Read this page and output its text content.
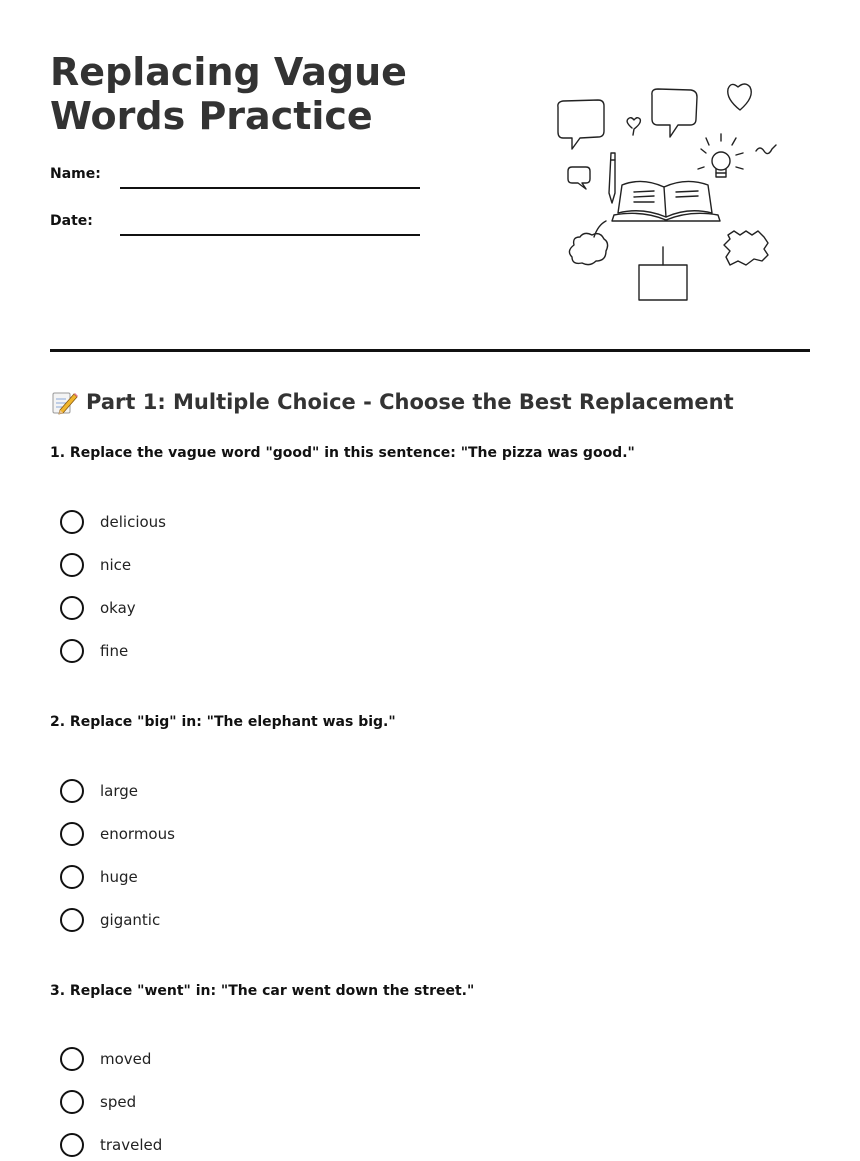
Replacing Vague Words Practice
Name:
Date:
Part 1: Multiple Choice - Choose the Best Replacement
1. Replace the vague word "good" in this sentence: "The pizza was good."
delicious
nice
okay
fine
2. Replace "big" in: "The elephant was big."
large
enormous
huge
gigantic
3. Replace "went" in: "The car went down the street."
moved
sped
traveled
